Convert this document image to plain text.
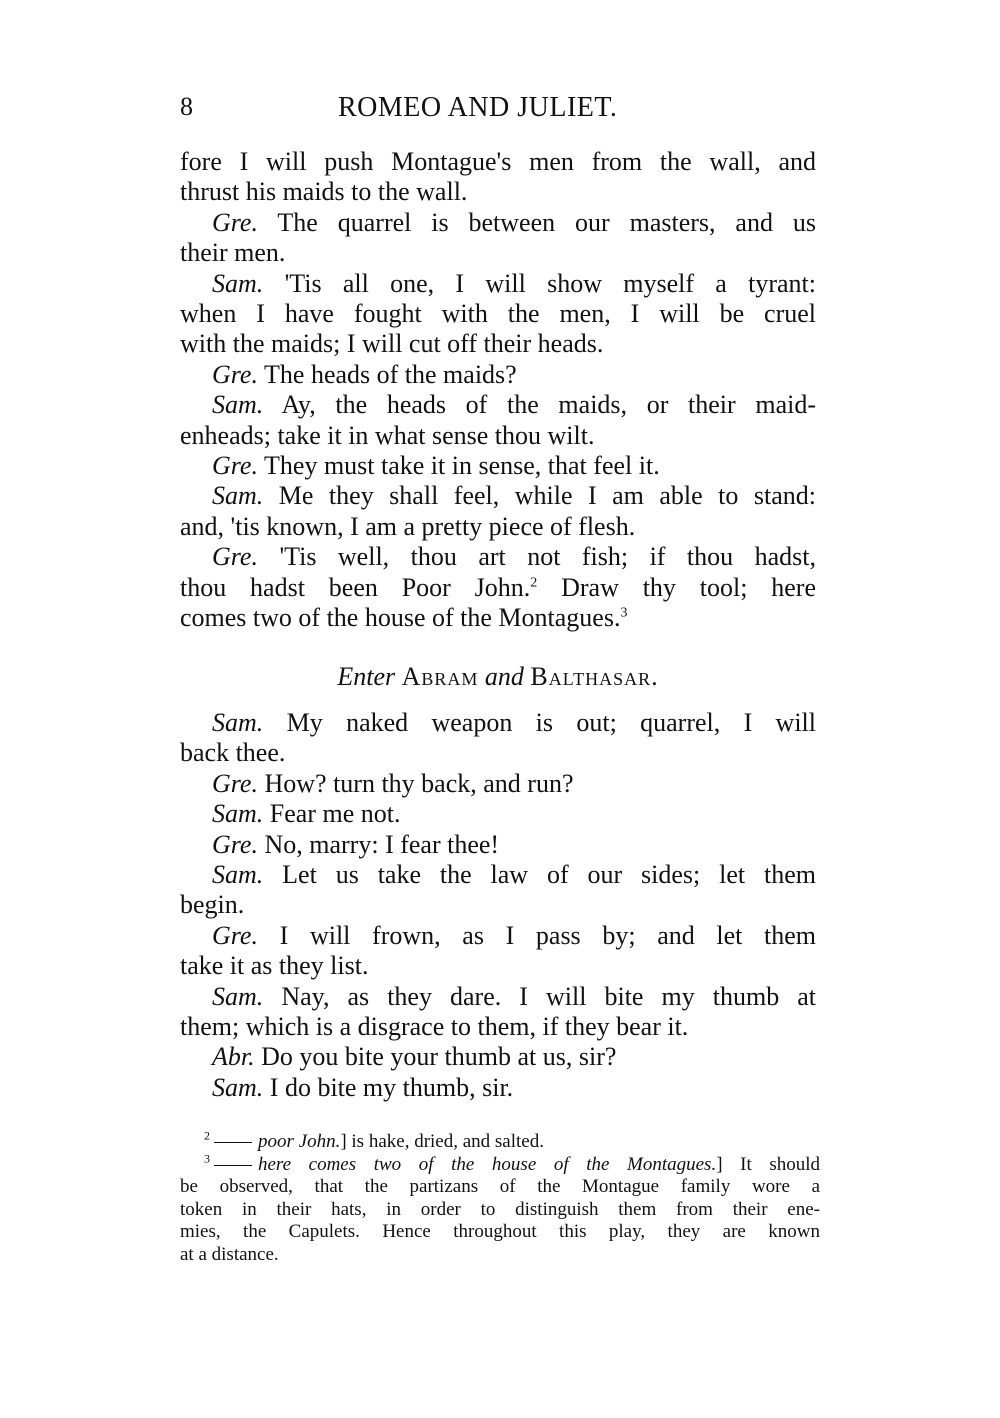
8	ROMEO AND JULIET.
fore I will push Montague's men from the wall, and
thrust his maids to the wall.
Gre. The quarrel is between our masters, and us
their men.
Sam. 'Tis all one, I will show myself a tyrant:
when I have fought with the men, I will be cruel
with the maids; I will cut off their heads.
Gre. The heads of the maids?
Sam. Ay, the heads of the maids, or their maid-
enheads; take it in what sense thou wilt.
Gre. They must take it in sense, that feel it.
Sam. Me they shall feel, while I am able to stand:
and, 'tis known, I am a pretty piece of flesh.
Gre. 'Tis well, thou art not fish; if thou hadst,
thou hadst been Poor John.$^2$ Draw thy tool; here
comes two of the house of the Montagues.$^3$
Enter Abram and Balthasar.
Sam. My naked weapon is out; quarrel, I will
back thee.
Gre. How? turn thy back, and run?
Sam. Fear me not.
Gre. No, marry: I fear thee!
Sam. Let us take the law of our sides; let them
begin.
Gre. I will frown, as I pass by; and let them
take it as they list.
Sam. Nay, as they dare. I will bite my thumb at
them; which is a disgrace to them, if they bear it.
Abr. Do you bite your thumb at us, sir?
Sam. I do bite my thumb, sir.
$^2$	poor John.] is hake, dried, and salted.
$^3$	here comes two of the house of the Montagues.] It should
be observed, that the partizans of the Montague family wore a
token in their hats, in order to distinguish them from their ene-
mies, the Capulets. Hence throughout this play, they are known
at a distance.
